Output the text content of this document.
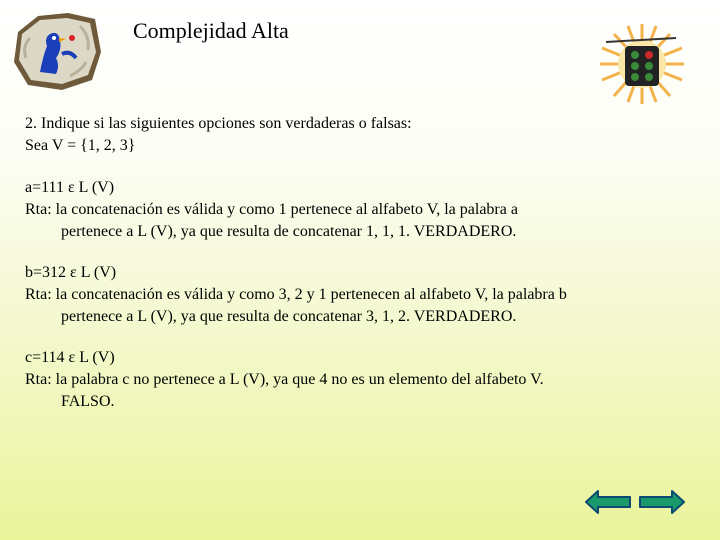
Complejidad Alta
2. Indique si las siguientes opciones son verdaderas o falsas:
Sea V = {1, 2, 3}
a=111 ε L (V)
Rta: la concatenación es válida y como 1 pertenece al alfabeto V, la palabra a
pertenece a L (V), ya que resulta de concatenar 1, 1, 1. VERDADERO.
b=312 ε L (V)
Rta: la concatenación es válida y como 3, 2 y 1 pertenecen al alfabeto V, la palabra b
pertenece a L (V), ya que resulta de concatenar 3, 1, 2. VERDADERO.
c=114 ε L (V)
Rta: la palabra c no pertenece a L (V), ya que 4 no es un elemento del alfabeto V.
FALSO.
